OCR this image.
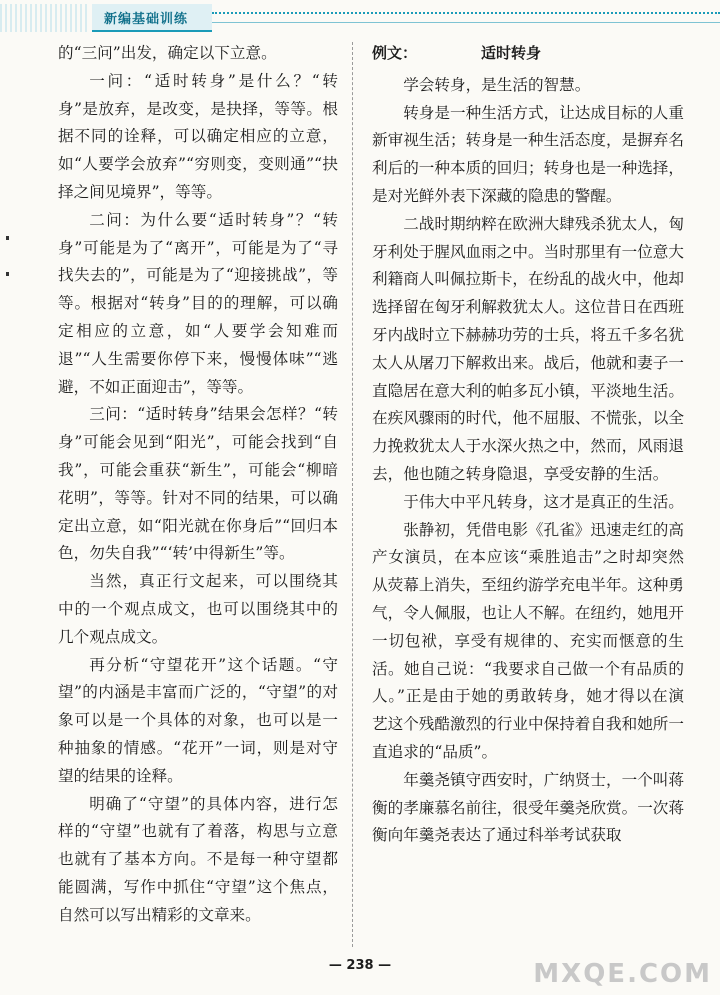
新编基础训练

的“三问”出发，确定以下立意。

一问：“适时转身”是什么？“转身”是放弃，是改变，是抉择，等等。根据不同的诠释，可以确定相应的立意，如“人要学会放弃”“穷则变，变则通”“抉择之间见境界”，等等。

二问：为什么要“适时转身”？“转身”可能是为了“离开”，可能是为了“寻找失去的”，可能是为了“迎接挑战”，等等。根据对“转身”目的的理解，可以确定相应的立意，如“人要学会知难而退”“人生需要你停下来，慢慢体味”“逃避，不如正面迎击”，等等。

三问：“适时转身”结果会怎样？“转身”可能会见到“阳光”，可能会找到“自我”，可能会重获“新生”，可能会“柳暗花明”，等等。针对不同的结果，可以确定出立意，如“阳光就在你身后”“回归本色，勿失自我”“‘转’中得新生”等。

当然，真正行文起来，可以围绕其中的一个观点成文，也可以围绕其中的几个观点成文。

再分析“守望花开”这个话题。“守望”的内涵是丰富而广泛的，“守望”的对象可以是一个具体的对象，也可以是一种抽象的情感。“花开”一词，则是对守望的结果的诠释。

明确了“守望”的具体内容，进行怎样的“守望”也就有了着落，构思与立意也就有了基本方向。不是每一种守望都能圆满，写作中抓住“守望”这个焦点，自然可以写出精彩的文章来。

例文：	适时转身

学会转身，是生活的智慧。

转身是一种生活方式，让达成目标的人重新审视生活；转身是一种生活态度，是摒弃名利后的一种本质的回归；转身也是一种选择，是对光鲜外表下深藏的隐患的警醒。

二战时期纳粹在欧洲大肆残杀犹太人，匈牙利处于腥风血雨之中。当时那里有一位意大利籍商人叫佩拉斯卡，在纷乱的战火中，他却选择留在匈牙利解救犹太人。这位昔日在西班牙内战时立下赫赫功劳的士兵，将五千多名犹太人从屠刀下解救出来。战后，他就和妻子一直隐居在意大利的帕多瓦小镇，平淡地生活。在疾风骤雨的时代，他不屈服、不慌张，以全力挽救犹太人于水深火热之中，然而，风雨退去，他也随之转身隐退，享受安静的生活。

于伟大中平凡转身，这才是真正的生活。

张静初，凭借电影《孔雀》迅速走红的高产女演员，在本应该“乘胜追击”之时却突然从荧幕上消失，至纽约游学充电半年。这种勇气，令人佩服，也让人不解。在纽约，她甩开一切包袱，享受有规律的、充实而惬意的生活。她自己说：“我要求自己做一个有品质的人。”正是由于她的勇敢转身，她才得以在演艺这个残酷激烈的行业中保持着自我和她所一直追求的“品质”。

年羹尧镇守西安时，广纳贤士，一个叫蒋衡的孝廉慕名前往，很受年羹尧欣赏。一次蒋衡向年羹尧表达了通过科举考试获取

— 238 —	MXQE.COM
